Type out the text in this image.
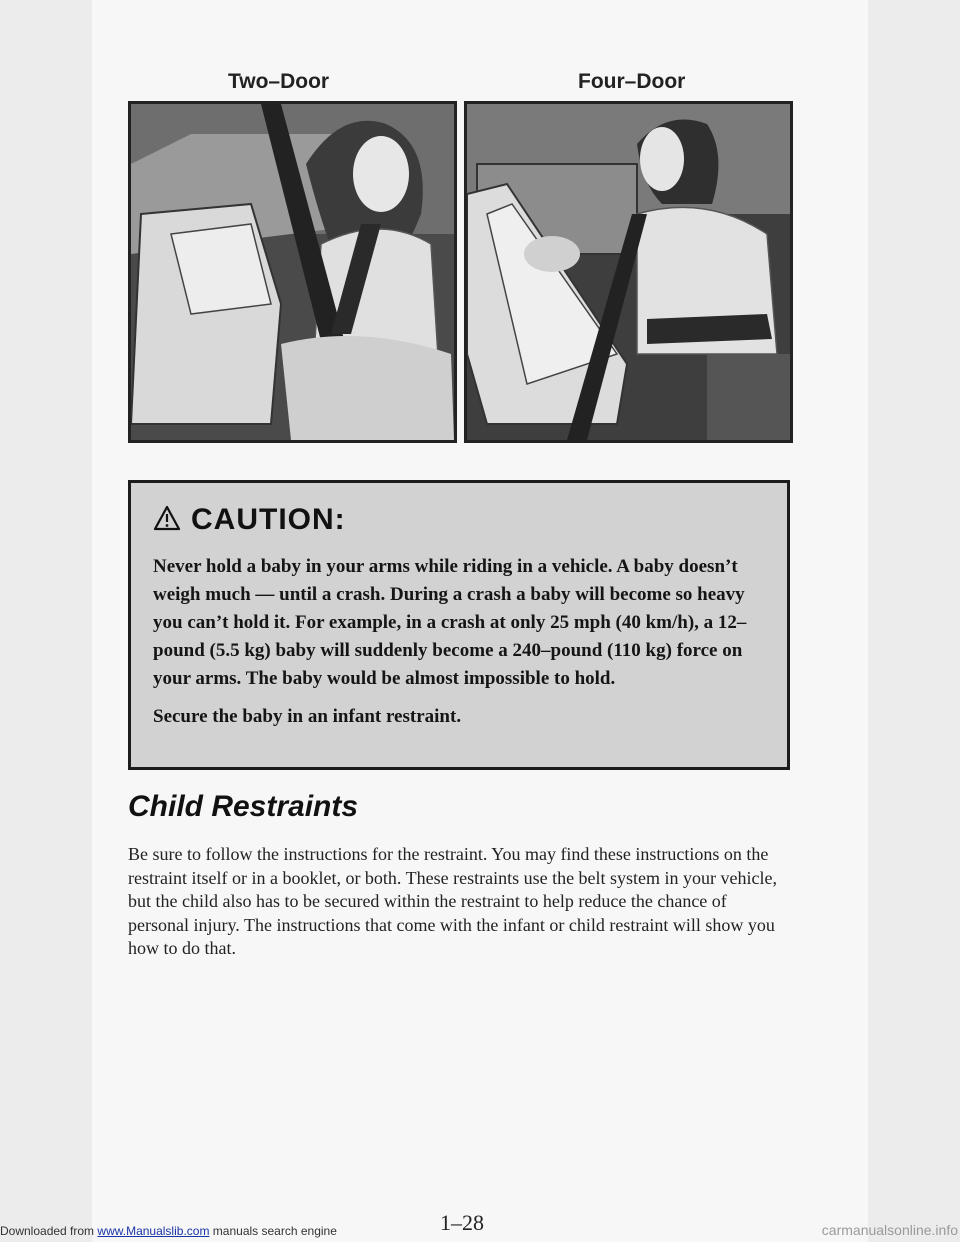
Two–Door	Four–Door
CAUTION:

Never hold a baby in your arms while riding in a vehicle. A baby doesn’t weigh much — until a crash. During a crash a baby will become so heavy you can’t hold it. For example, in a crash at only 25 mph (40 km/h), a 12–pound (5.5 kg) baby will suddenly become a 240–pound (110 kg) force on your arms. The baby would be almost impossible to hold.

Secure the baby in an infant restraint.

Child Restraints
Be sure to follow the instructions for the restraint. You may find these instructions on the restraint itself or in a booklet, or both. These restraints use the belt system in your vehicle, but the child also has to be secured within the restraint to help reduce the chance of personal injury. The instructions that come with the infant or child restraint will show you how to do that.
1–28
Downloaded from www.Manualslib.com manuals search engine	carmanualsonline.info
